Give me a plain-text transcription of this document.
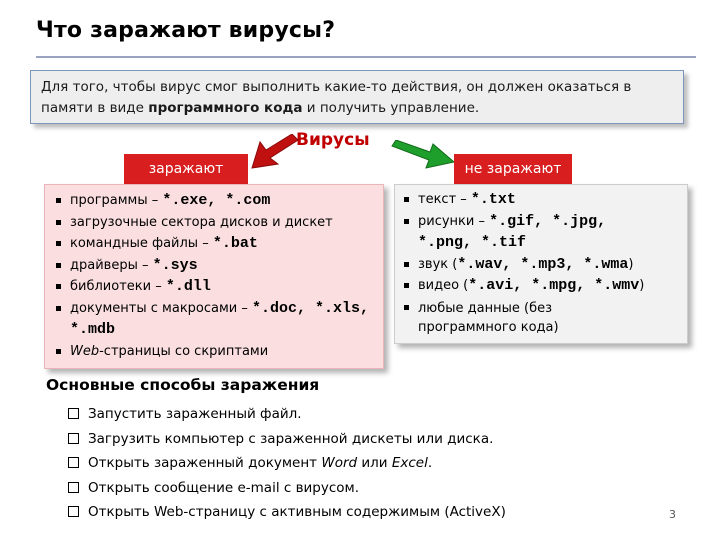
Что заражают вирусы?

Для того, чтобы вирус смог выполнить какие-то действия, он должен оказаться в памяти в виде программного кода и получить управление.

Вирусы
заражают	не заражают
программы – *.exe, *.com
загрузочные сектора дисков и дискет
командные файлы – *.bat
драйверы – *.sys
библиотеки – *.dll
документы с макросами – *.doc, *.xls, *.mdb
Web-страницы со скриптами
текст – *.txt
рисунки – *.gif, *.jpg, *.png, *.tif
звук (*.wav, *.mp3, *.wma)
видео (*.avi, *.mpg, *.wmv)
любые данные (без программного кода)
Основные способы заражения
Запустить зараженный файл.
Загрузить компьютер с зараженной дискеты или диска.
Открыть зараженный документ Word или Excel.
Открыть сообщение e-mail с вирусом.
Открыть Web-страницу с активным содержимым (ActiveX)	3
